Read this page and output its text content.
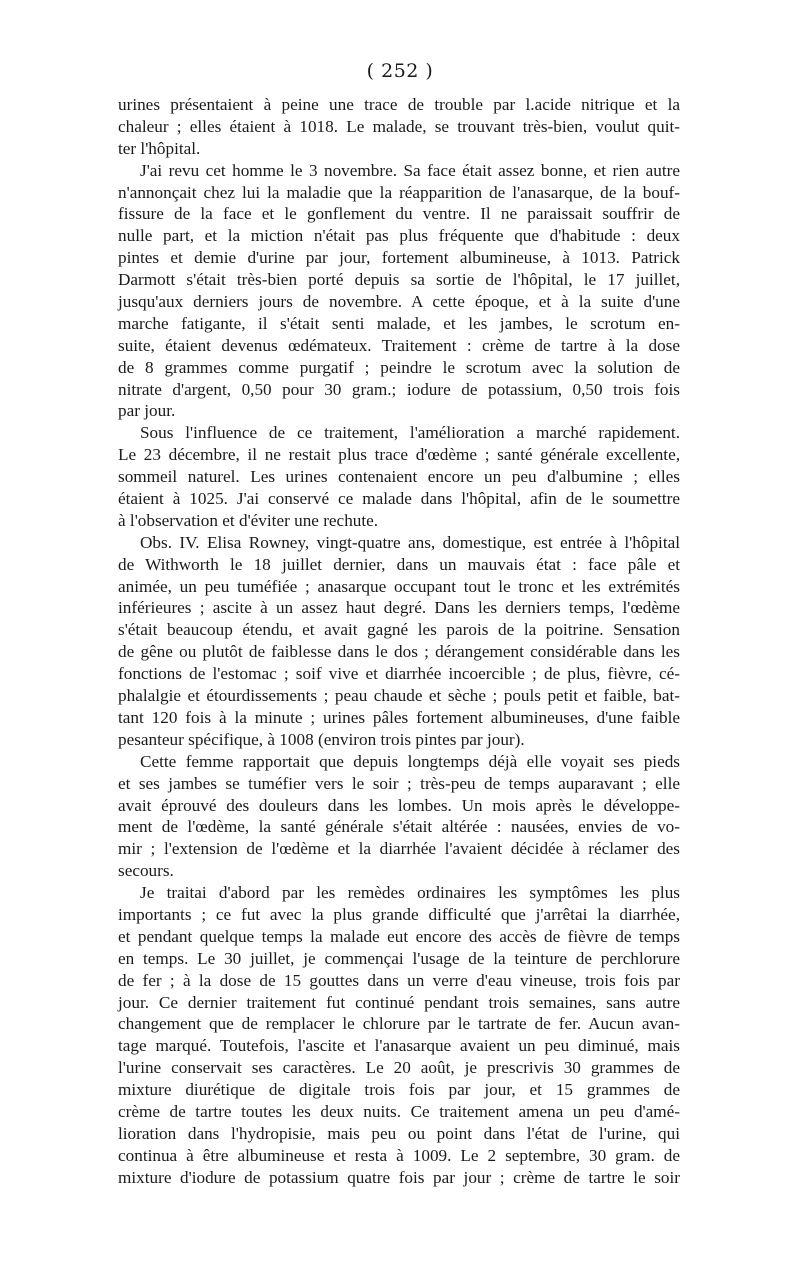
( 252 )
urines présentaient à peine une trace de trouble par l.acide nitrique et la
chaleur ; elles étaient à 1018. Le malade, se trouvant très-bien, voulut quit-
ter l'hôpital.
J'ai revu cet homme le 3 novembre. Sa face était assez bonne, et rien autre
n'annonçait chez lui la maladie que la réapparition de l'anasarque, de la bouf-
fissure de la face et le gonflement du ventre. Il ne paraissait souffrir de
nulle part, et la miction n'était pas plus fréquente que d'habitude : deux
pintes et demie d'urine par jour, fortement albumineuse, à 1013. Patrick
Darmott s'était très-bien porté depuis sa sortie de l'hôpital, le 17 juillet,
jusqu'aux derniers jours de novembre. A cette époque, et à la suite d'une
marche fatigante, il s'était senti malade, et les jambes, le scrotum en-
suite, étaient devenus œdémateux. Traitement : crème de tartre à la dose
de 8 grammes comme purgatif ; peindre le scrotum avec la solution de
nitrate d'argent, 0,50 pour 30 gram.; iodure de potassium, 0,50 trois fois
par jour.
Sous l'influence de ce traitement, l'amélioration a marché rapidement.
Le 23 décembre, il ne restait plus trace d'œdème ; santé générale excellente,
sommeil naturel. Les urines contenaient encore un peu d'albumine ; elles
étaient à 1025. J'ai conservé ce malade dans l'hôpital, afin de le soumettre
à l'observation et d'éviter une rechute.
Obs. IV. Elisa Rowney, vingt-quatre ans, domestique, est entrée à l'hôpital
de Withworth le 18 juillet dernier, dans un mauvais état : face pâle et
animée, un peu tuméfiée ; anasarque occupant tout le tronc et les extrémités
inférieures ; ascite à un assez haut degré. Dans les derniers temps, l'œdème
s'était beaucoup étendu, et avait gagné les parois de la poitrine. Sensation
de gêne ou plutôt de faiblesse dans le dos ; dérangement considérable dans les
fonctions de l'estomac ; soif vive et diarrhée incoercible ; de plus, fièvre, cé-
phalalgie et étourdissements ; peau chaude et sèche ; pouls petit et faible, bat-
tant 120 fois à la minute ; urines pâles fortement albumineuses, d'une faible
pesanteur spécifique, à 1008 (environ trois pintes par jour).
Cette femme rapportait que depuis longtemps déjà elle voyait ses pieds
et ses jambes se tuméfier vers le soir ; très-peu de temps auparavant ; elle
avait éprouvé des douleurs dans les lombes. Un mois après le développe-
ment de l'œdème, la santé générale s'était altérée : nausées, envies de vo-
mir ; l'extension de l'œdème et la diarrhée l'avaient décidée à réclamer des
secours.
Je traitai d'abord par les remèdes ordinaires les symptômes les plus
importants ; ce fut avec la plus grande difficulté que j'arrêtai la diarrhée,
et pendant quelque temps la malade eut encore des accès de fièvre de temps
en temps. Le 30 juillet, je commençai l'usage de la teinture de perchlorure
de fer ; à la dose de 15 gouttes dans un verre d'eau vineuse, trois fois par
jour. Ce dernier traitement fut continué pendant trois semaines, sans autre
changement que de remplacer le chlorure par le tartrate de fer. Aucun avan-
tage marqué. Toutefois, l'ascite et l'anasarque avaient un peu diminué, mais
l'urine conservait ses caractères. Le 20 août, je prescrivis 30 grammes de
mixture diurétique de digitale trois fois par jour, et 15 grammes de
crème de tartre toutes les deux nuits. Ce traitement amena un peu d'amé-
lioration dans l'hydropisie, mais peu ou point dans l'état de l'urine, qui
continua à être albumineuse et resta à 1009. Le 2 septembre, 30 gram. de
mixture d'iodure de potassium quatre fois par jour ; crème de tartre le soir
